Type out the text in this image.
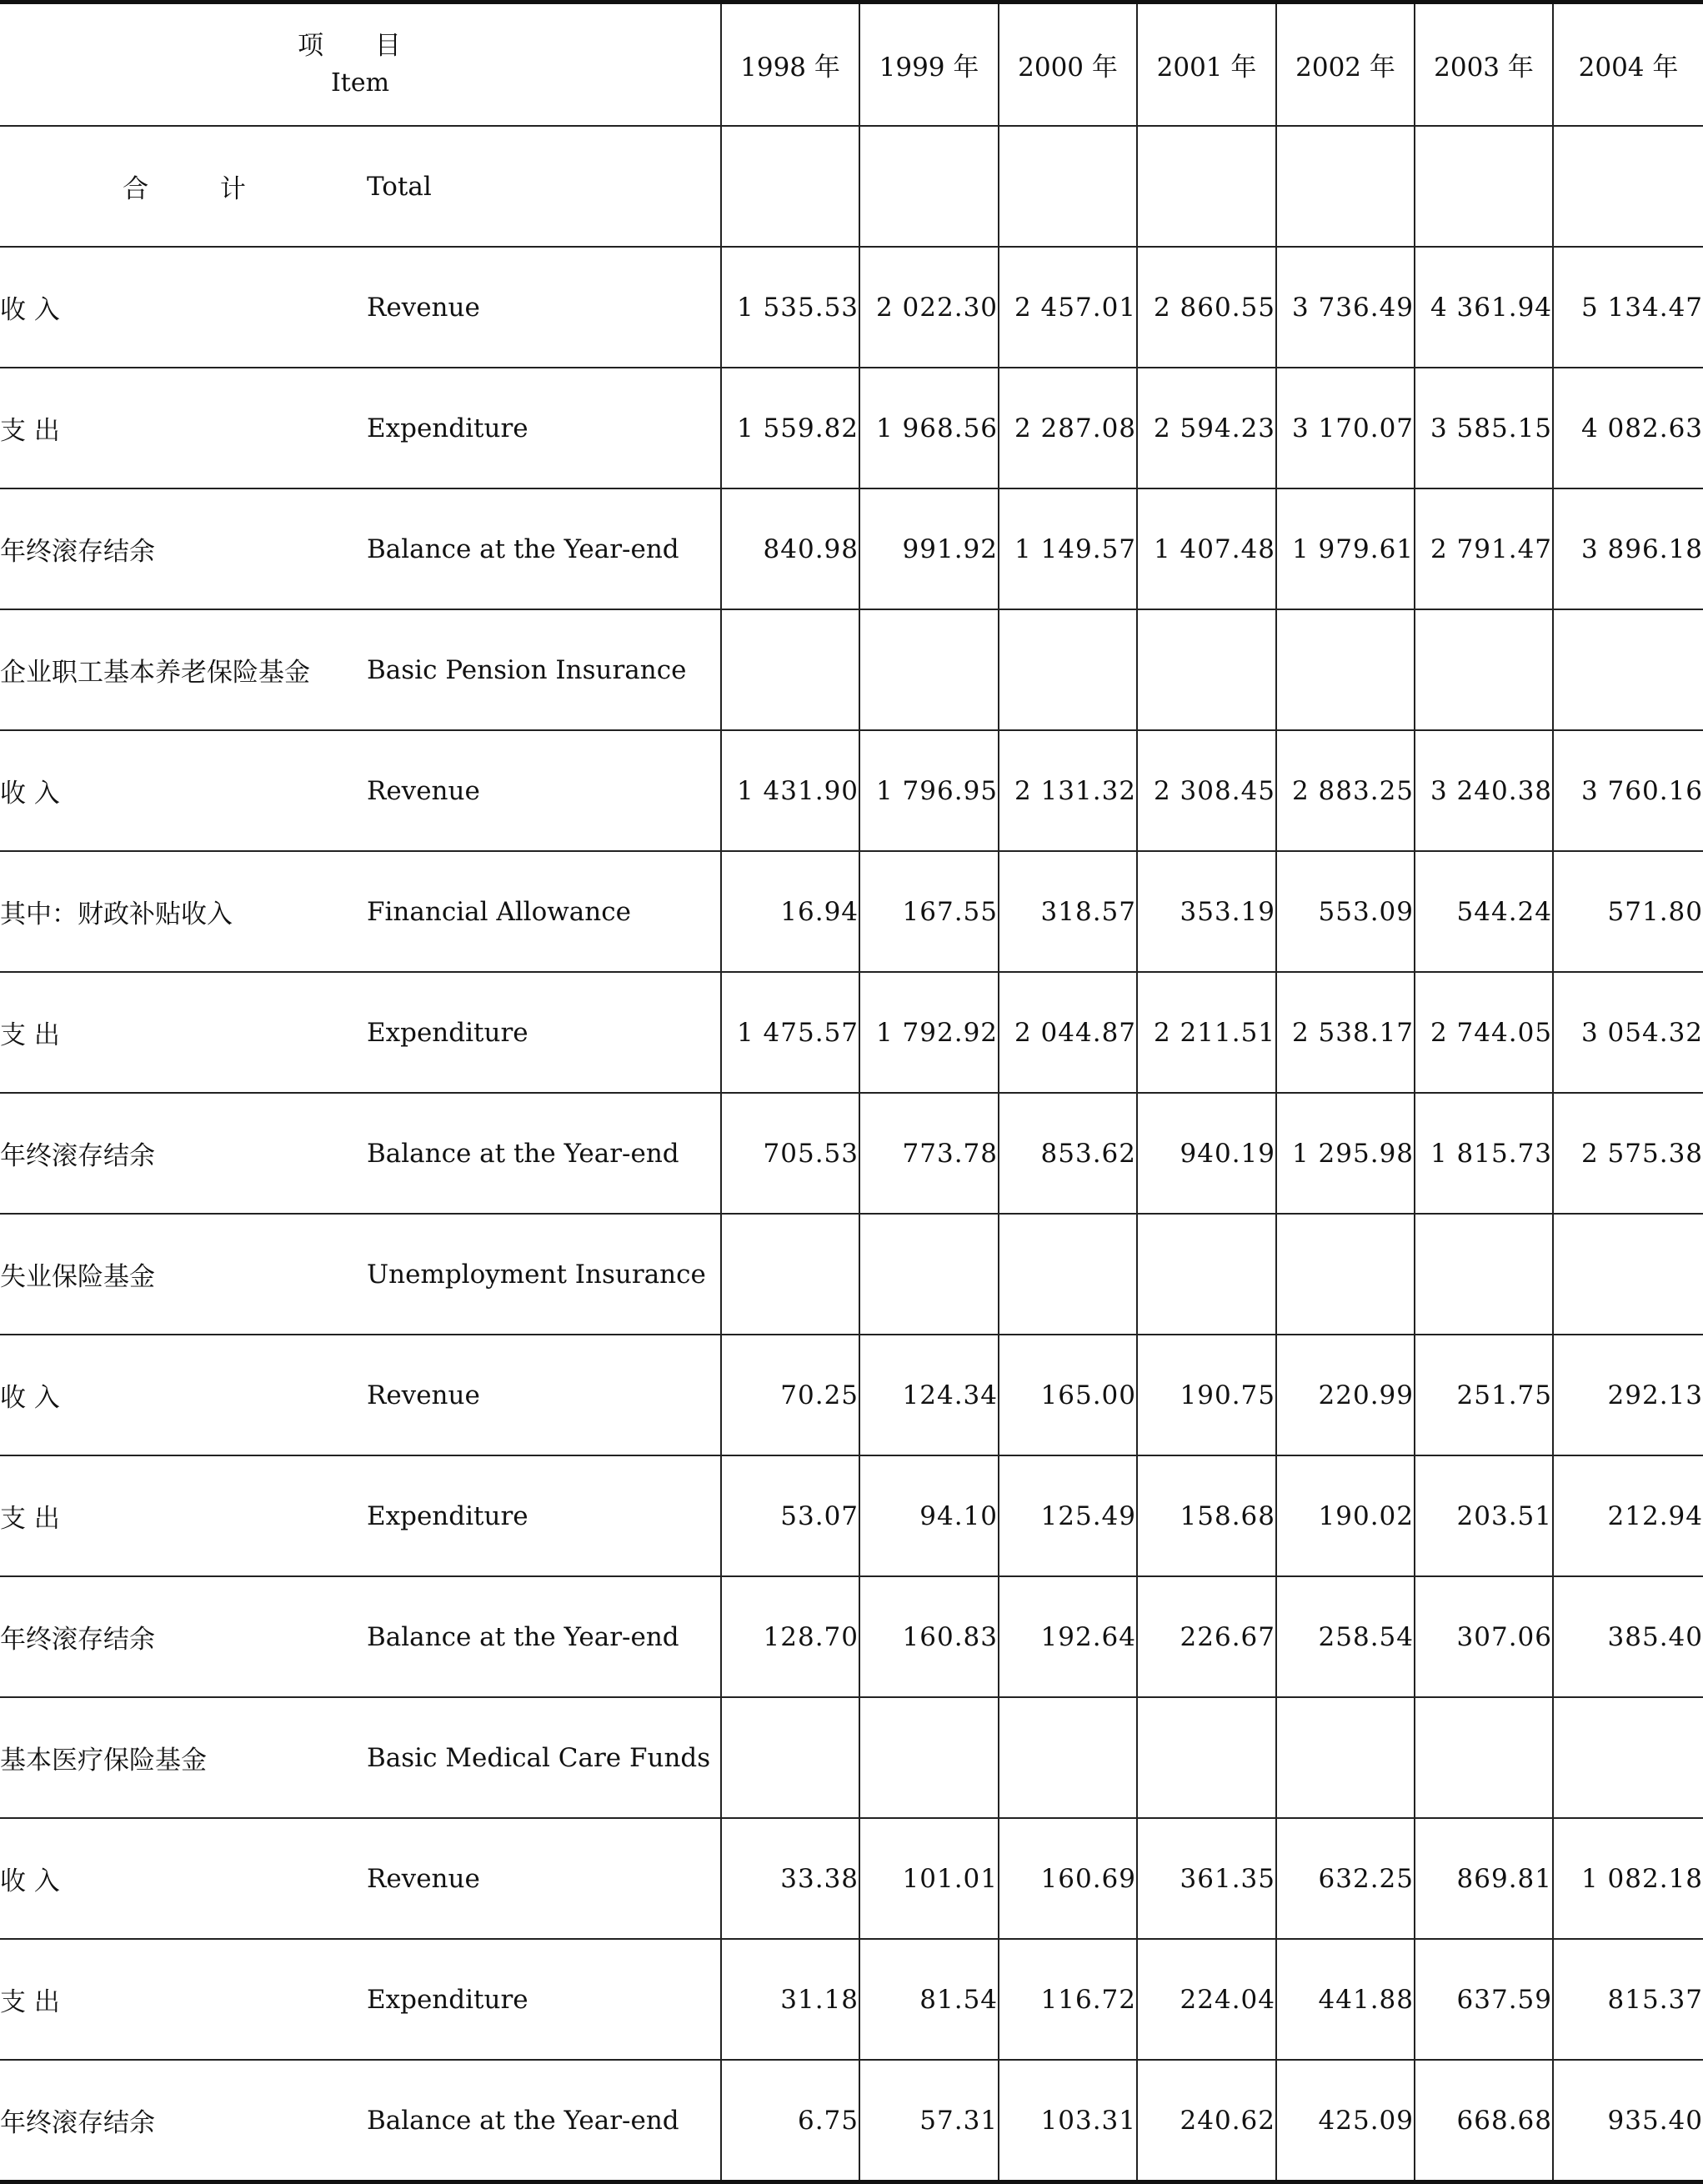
项 目
Item		1998 年	1999 年	2000 年	2001 年	2002 年	2003 年	2004 年
合 计	Total							
收 入	Revenue	1 535.53	2 022.30	2 457.01	2 860.55	3 736.49	4 361.94	5 134.47
支 出	Expenditure	1 559.82	1 968.56	2 287.08	2 594.23	3 170.07	3 585.15	4 082.63
年终滚存结余	Balance at the Year-end	840.98	991.92	1 149.57	1 407.48	1 979.61	2 791.47	3 896.18
企业职工基本养老保险基金	Basic Pension Insurance							
收 入	Revenue	1 431.90	1 796.95	2 131.32	2 308.45	2 883.25	3 240.38	3 760.16
其中：财政补贴收入	Financial Allowance	16.94	167.55	318.57	353.19	553.09	544.24	571.80
支 出	Expenditure	1 475.57	1 792.92	2 044.87	2 211.51	2 538.17	2 744.05	3 054.32
年终滚存结余	Balance at the Year-end	705.53	773.78	853.62	940.19	1 295.98	1 815.73	2 575.38
失业保险基金	Unemployment Insurance							
收 入	Revenue	70.25	124.34	165.00	190.75	220.99	251.75	292.13
支 出	Expenditure	53.07	94.10	125.49	158.68	190.02	203.51	212.94
年终滚存结余	Balance at the Year-end	128.70	160.83	192.64	226.67	258.54	307.06	385.40
基本医疗保险基金	Basic Medical Care Funds							
收 入	Revenue	33.38	101.01	160.69	361.35	632.25	869.81	1 082.18
支 出	Expenditure	31.18	81.54	116.72	224.04	441.88	637.59	815.37
年终滚存结余	Balance at the Year-end	6.75	57.31	103.31	240.62	425.09	668.68	935.40
